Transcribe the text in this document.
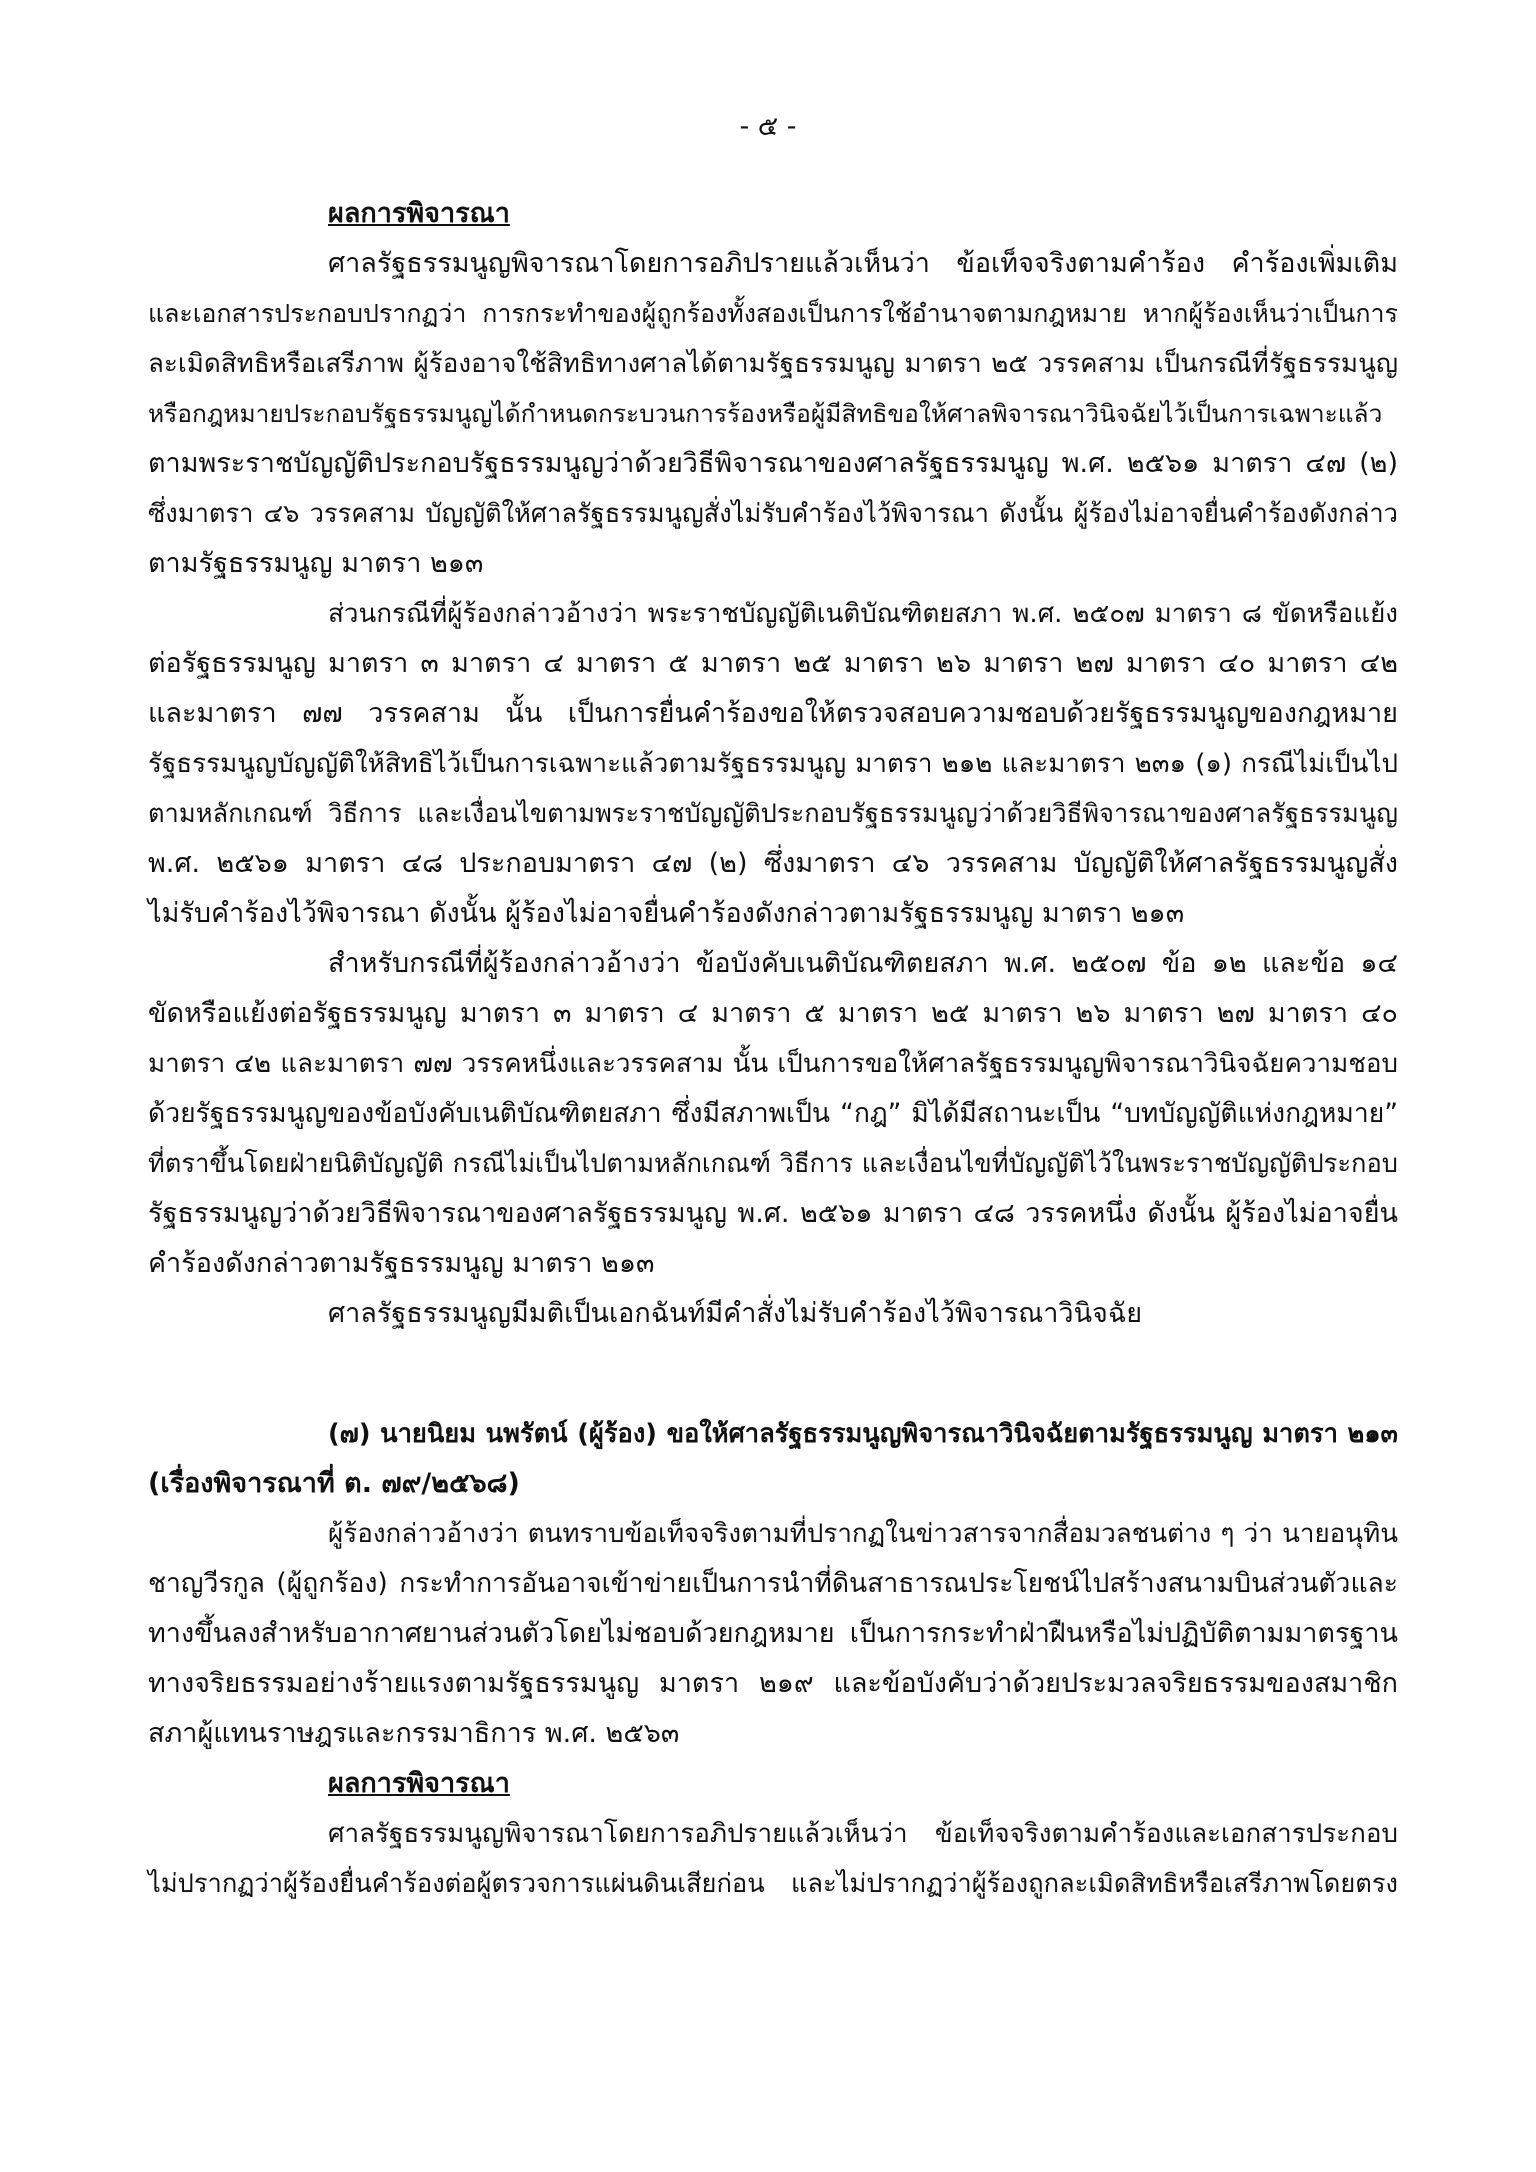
- ๕ -
ผลการพิจารณา
ศาลรัฐธรรมนูญพิจารณาโดยการอภิปรายแล้วเห็นว่า ข้อเท็จจริงตามคำร้อง คำร้องเพิ่มเติม
และเอกสารประกอบปรากฏว่า การกระทำของผู้ถูกร้องทั้งสองเป็นการใช้อำนาจตามกฎหมาย หากผู้ร้องเห็นว่าเป็นการ
ละเมิดสิทธิหรือเสรีภาพ ผู้ร้องอาจใช้สิทธิทางศาลได้ตามรัฐธรรมนูญ มาตรา ๒๕ วรรคสาม เป็นกรณีที่รัฐธรรมนูญ
หรือกฎหมายประกอบรัฐธรรมนูญได้กำหนดกระบวนการร้องหรือผู้มีสิทธิขอให้ศาลพิจารณาวินิจฉัยไว้เป็นการเฉพาะแล้ว
ตามพระราชบัญญัติประกอบรัฐธรรมนูญว่าด้วยวิธีพิจารณาของศาลรัฐธรรมนูญ พ.ศ. ๒๕๖๑ มาตรา ๔๗ (๒)
ซึ่งมาตรา ๔๖ วรรคสาม บัญญัติให้ศาลรัฐธรรมนูญสั่งไม่รับคำร้องไว้พิจารณา ดังนั้น ผู้ร้องไม่อาจยื่นคำร้องดังกล่าว
ตามรัฐธรรมนูญ มาตรา ๒๑๓
ส่วนกรณีที่ผู้ร้องกล่าวอ้างว่า พระราชบัญญัติเนติบัณฑิตยสภา พ.ศ. ๒๕๐๗ มาตรา ๘ ขัดหรือแย้ง
ต่อรัฐธรรมนูญ มาตรา ๓ มาตรา ๔ มาตรา ๕ มาตรา ๒๕ มาตรา ๒๖ มาตรา ๒๗ มาตรา ๔๐ มาตรา ๔๒
และมาตรา ๗๗ วรรคสาม นั้น เป็นการยื่นคำร้องขอให้ตรวจสอบความชอบด้วยรัฐธรรมนูญของกฎหมาย
รัฐธรรมนูญบัญญัติให้สิทธิไว้เป็นการเฉพาะแล้วตามรัฐธรรมนูญ มาตรา ๒๑๒ และมาตรา ๒๓๑ (๑) กรณีไม่เป็นไป
ตามหลักเกณฑ์ วิธีการ และเงื่อนไขตามพระราชบัญญัติประกอบรัฐธรรมนูญว่าด้วยวิธีพิจารณาของศาลรัฐธรรมนูญ
พ.ศ. ๒๕๖๑ มาตรา ๔๘ ประกอบมาตรา ๔๗ (๒) ซึ่งมาตรา ๔๖ วรรคสาม บัญญัติให้ศาลรัฐธรรมนูญสั่ง
ไม่รับคำร้องไว้พิจารณา ดังนั้น ผู้ร้องไม่อาจยื่นคำร้องดังกล่าวตามรัฐธรรมนูญ มาตรา ๒๑๓
สำหรับกรณีที่ผู้ร้องกล่าวอ้างว่า ข้อบังคับเนติบัณฑิตยสภา พ.ศ. ๒๕๐๗ ข้อ ๑๒ และข้อ ๑๔
ขัดหรือแย้งต่อรัฐธรรมนูญ มาตรา ๓ มาตรา ๔ มาตรา ๕ มาตรา ๒๕ มาตรา ๒๖ มาตรา ๒๗ มาตรา ๔๐
มาตรา ๔๒ และมาตรา ๗๗ วรรคหนึ่งและวรรคสาม นั้น เป็นการขอให้ศาลรัฐธรรมนูญพิจารณาวินิจฉัยความชอบ
ด้วยรัฐธรรมนูญของข้อบังคับเนติบัณฑิตยสภา ซึ่งมีสภาพเป็น “กฎ” มิได้มีสถานะเป็น “บทบัญญัติแห่งกฎหมาย”
ที่ตราขึ้นโดยฝ่ายนิติบัญญัติ กรณีไม่เป็นไปตามหลักเกณฑ์ วิธีการ และเงื่อนไขที่บัญญัติไว้ในพระราชบัญญัติประกอบ
รัฐธรรมนูญว่าด้วยวิธีพิจารณาของศาลรัฐธรรมนูญ พ.ศ. ๒๕๖๑ มาตรา ๔๘ วรรคหนึ่ง ดังนั้น ผู้ร้องไม่อาจยื่น
คำร้องดังกล่าวตามรัฐธรรมนูญ มาตรา ๒๑๓
ศาลรัฐธรรมนูญมีมติเป็นเอกฉันท์มีคำสั่งไม่รับคำร้องไว้พิจารณาวินิจฉัย
(๗) นายนิยม นพรัตน์ (ผู้ร้อง) ขอให้ศาลรัฐธรรมนูญพิจารณาวินิจฉัยตามรัฐธรรมนูญ มาตรา ๒๑๓
(เรื่องพิจารณาที่ ต. ๗๙/๒๕๖๘)
ผู้ร้องกล่าวอ้างว่า ตนทราบข้อเท็จจริงตามที่ปรากฏในข่าวสารจากสื่อมวลชนต่าง ๆ ว่า นายอนุทิน
ชาญวีรกูล (ผู้ถูกร้อง) กระทำการอันอาจเข้าข่ายเป็นการนำที่ดินสาธารณประโยชน์ไปสร้างสนามบินส่วนตัวและ
ทางขึ้นลงสำหรับอากาศยานส่วนตัวโดยไม่ชอบด้วยกฎหมาย เป็นการกระทำฝ่าฝืนหรือไม่ปฏิบัติตามมาตรฐาน
ทางจริยธรรมอย่างร้ายแรงตามรัฐธรรมนูญ มาตรา ๒๑๙ และข้อบังคับว่าด้วยประมวลจริยธรรมของสมาชิก
สภาผู้แทนราษฎรและกรรมาธิการ พ.ศ. ๒๕๖๓
ผลการพิจารณา
ศาลรัฐธรรมนูญพิจารณาโดยการอภิปรายแล้วเห็นว่า ข้อเท็จจริงตามคำร้องและเอกสารประกอบ
ไม่ปรากฏว่าผู้ร้องยื่นคำร้องต่อผู้ตรวจการแผ่นดินเสียก่อน และไม่ปรากฏว่าผู้ร้องถูกละเมิดสิทธิหรือเสรีภาพโดยตรง
